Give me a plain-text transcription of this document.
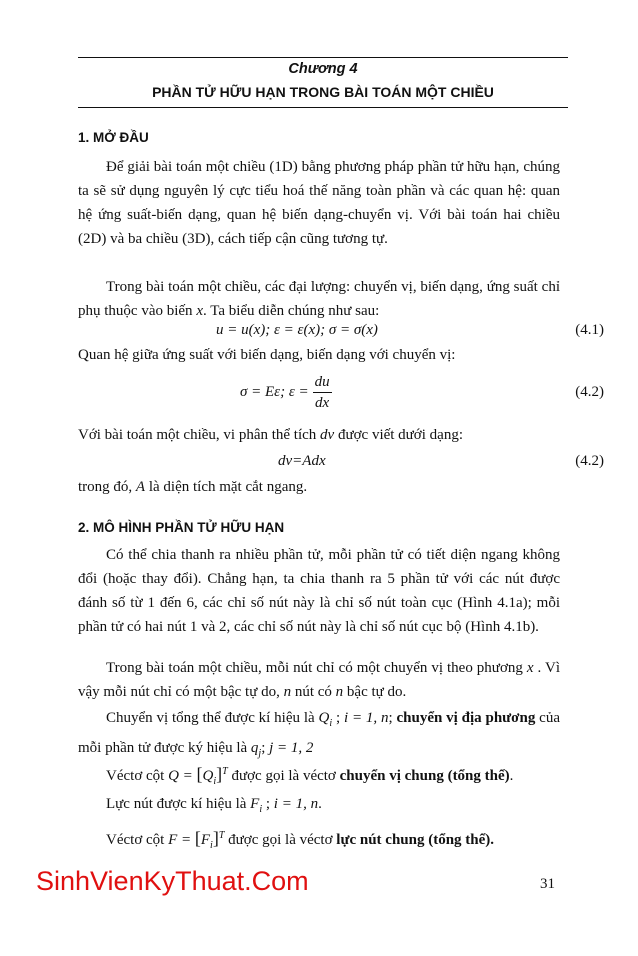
Chương 4
PHẦN TỬ HỮU HẠN TRONG BÀI TOÁN MỘT CHIỀU
1. MỞ ĐẦU
Để giải bài toán một chiều (1D) bằng phương pháp phần tử hữu hạn, chúng ta sẽ sử dụng nguyên lý cực tiểu hoá thế năng toàn phần và các quan hệ: quan hệ ứng suất-biến dạng, quan hệ biến dạng-chuyển vị. Với bài toán hai chiều (2D) và ba chiều (3D), cách tiếp cận cũng tương tự.
Trong bài toán một chiều, các đại lượng: chuyển vị, biến dạng, ứng suất chỉ phụ thuộc vào biến x. Ta biểu diễn chúng như sau:
u = u(x); ε = ε(x); σ = σ(x)	(4.1)
Quan hệ giữa ứng suất với biến dạng, biến dạng với chuyển vị:
σ = Eε; $\varepsilon = \frac{du}{dx}$	(4.2)
Với bài toán một chiều, vi phân thể tích dv được viết dưới dạng:
dv=Adx	(4.2)
trong đó, A là diện tích mặt cắt ngang.
2. MÔ HÌNH PHẦN TỬ HỮU HẠN
Có thể chia thanh ra nhiều phần tử, mỗi phần tử có tiết diện ngang không đổi (hoặc thay đổi). Chẳng hạn, ta chia thanh ra 5 phần tử với các nút được đánh số từ 1 đến 6, các chỉ số nút này là chỉ số nút toàn cục (Hình 4.1a); mỗi phần tử có hai nút 1 và 2, các chỉ số nút này là chỉ số nút cục bộ (Hình 4.1b).
Trong bài toán một chiều, mỗi nút chỉ có một chuyển vị theo phương x . Vì vậy mỗi nút chỉ có một bậc tự do, n nút có n bậc tự do.
Chuyển vị tổng thể được kí hiệu là $Q_i$ ; i = 1, n; chuyển vị địa phương của mỗi phần tử được ký hiệu là $q_j$; j = 1, 2
Véctơ cột $Q = [Q_i]^T$ được gọi là véctơ chuyển vị chung (tổng thể).
Lực nút được kí hiệu là $F_i$ ; i = 1, n.
Véctơ cột $F = [F_i]^T$ được gọi là véctơ lực nút chung (tổng thể).
SinhVienKyThuat.Com	31
